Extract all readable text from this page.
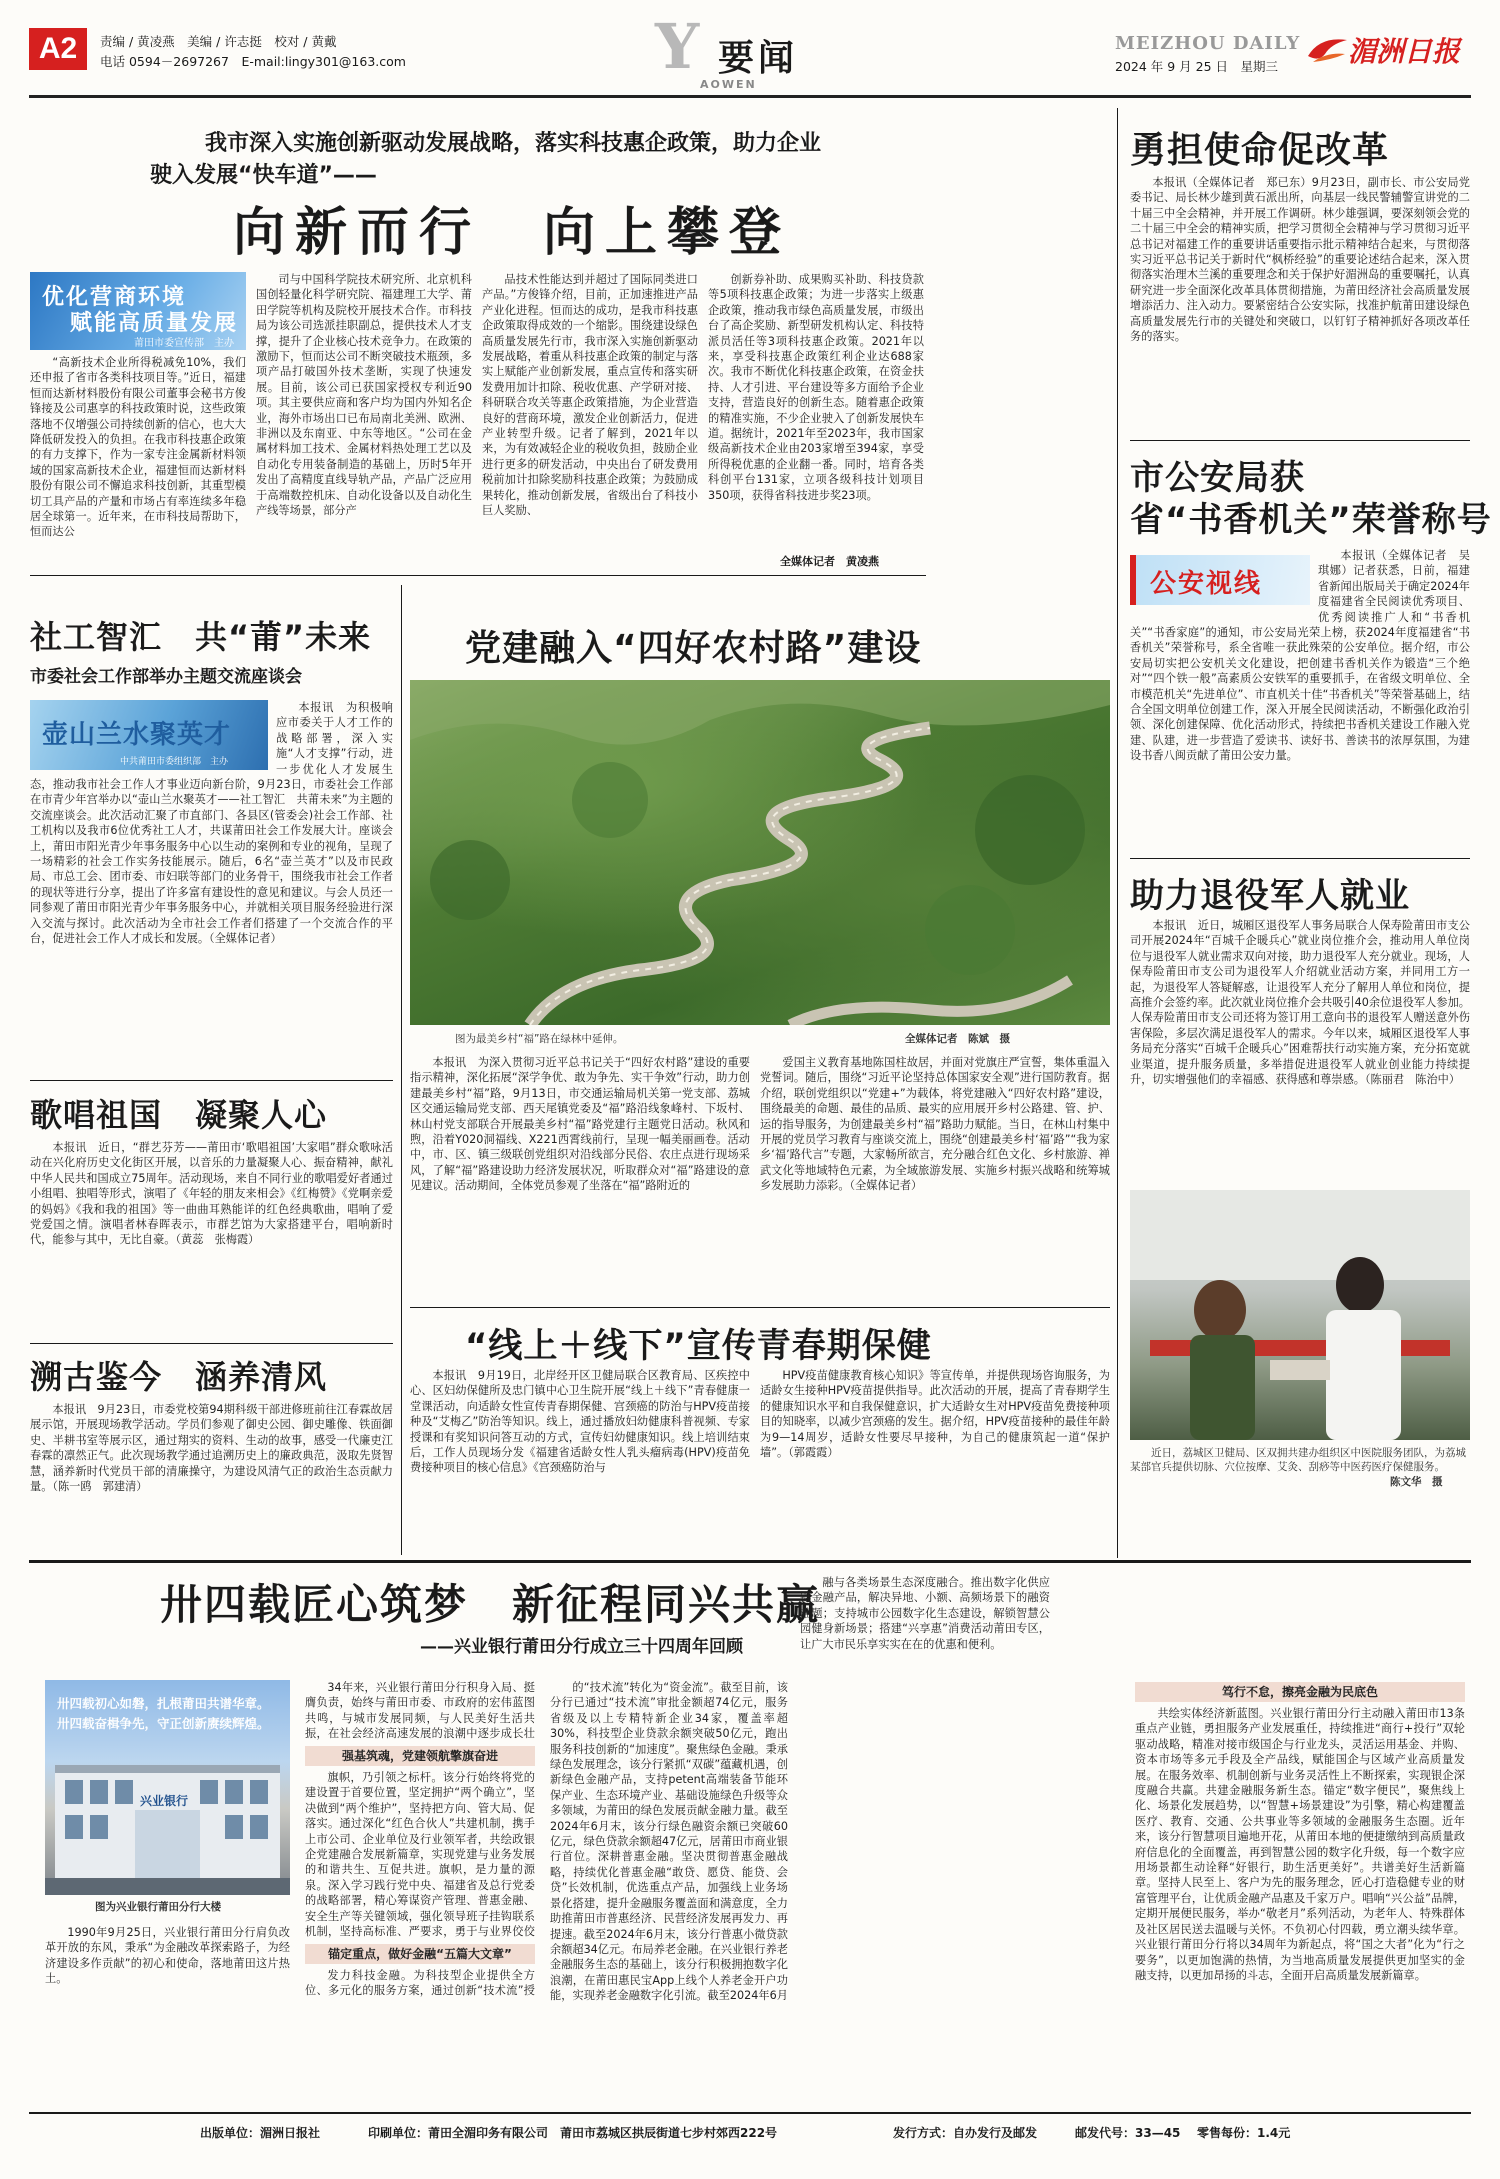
A2	责编 / 黄凌燕　美编 / 许志挺　校对 / 黄戴
电话 0594－2697267　E-mail:lingy301@163.com	Y 要闻
AOWEN
MEIZHOU DAILY
2024 年 9 月 25 日　星期三 湄洲日报
我市深入实施创新驱动发展战略，落实科技惠企政策，助力企业
驶入发展“快车道”——
向新而行　向上攀登
优化营商环境
赋能高质量发展
莆田市委宣传部　主办

“高新技术企业所得税减免10%，我们还申报了省市各类科技项目等。”近日，福建恒而达新材料股份有限公司董事会秘书方俊锋接及公司惠享的科技政策时说，这些政策落地不仅增强公司持续创新的信心，也大大降低研发投入的负担。在我市科技惠企政策的有力支撑下，作为一家专注金属新材料领域的国家高新技术企业，福建恒而达新材料股份有限公司不懈追求科技创新，其重型模切工具产品的产量和市场占有率连续多年稳居全球第一。近年来，在市科技局帮助下，恒而达公

司与中国科学院技术研究所、北京机科国创轻量化科学研究院、福建理工大学、莆田学院等机构及院校开展技术合作。市科技局为该公司选派挂职副总，提供技术人才支撑，提升了企业核心技术竞争力。在政策的激励下，恒而达公司不断突破技术瓶颈，多项产品打破国外技术垄断，实现了快速发展。目前，该公司已获国家授权专利近90项。其主要供应商和客户均为国内外知名企业，海外市场出口已布局南北美洲、欧洲、非洲以及东南亚、中东等地区。“公司在金属材料加工技术、金属材料热处理工艺以及自动化专用装备制造的基础上，历时5年开发出了高精度直线导轨产品，产品广泛应用于高端数控机床、自动化设备以及自动化生产线等场景，部分产

品技术性能达到并超过了国际同类进口产品。”方俊锋介绍，目前，正加速推进产品产业化进程。恒而达的成功，是我市科技惠企政策取得成效的一个缩影。围绕建设绿色高质量发展先行市，我市深入实施创新驱动发展战略，着重从科技惠企政策的制定与落实上赋能产业创新发展，重点宣传和落实研发费用加计扣除、税收优惠、产学研对接、科研联合攻关等惠企政策措施，为企业营造良好的营商环境，激发企业创新活力，促进产业转型升级。记者了解到，2021年以来，为有效减轻企业的税收负担，鼓励企业进行更多的研发活动，中央出台了研发费用税前加计扣除奖励科技惠企政策；为鼓励成果转化，推动创新发展，省级出台了科技小巨人奖励、

创新券补助、成果购买补助、科技贷款等5项科技惠企政策；为进一步落实上级惠企政策，推动我市绿色高质量发展，市级出台了高企奖励、新型研发机构认定、科技特派员活任等3项科技惠企政策。2021年以来，享受科技惠企政策红利企业达688家次。我市不断优化科技惠企政策，在资金扶持、人才引进、平台建设等多方面给予企业支持，营造良好的创新生态。随着惠企政策的精准实施，不少企业驶入了创新发展快车道。据统计，2021年至2023年，我市国家级高新技术企业由203家增至394家，享受所得税优惠的企业翻一番。同时，培育各类科创平台131家，立项各级科技计划项目350项，获得省科技进步奖23项。

全媒体记者　黄凌燕
社工智汇　共“莆”未来
市委社会工作部举办主题交流座谈会
壶山兰水聚英才
中共莆田市委组织部　主办

本报讯　为积极响应市委关于人才工作的战略部署，深入实施“人才支撑”行动，进一步优化人才发展生态，推动我市社会工作人才事业迈向新台阶，9月23日，市委社会工作部在市青少年宫举办以“壶山兰水聚英才——社工智汇　共莆未来”为主题的交流座谈会。此次活动汇聚了市直部门、各县区(管委会)社会工作部、社工机构以及我市6位优秀社工人才，共谋莆田社会工作发展大计。座谈会上，莆田市阳光青少年事务服务中心以生动的案例和专业的视角，呈现了一场精彩的社会工作实务技能展示。随后，6名“壶兰英才”以及市民政局、市总工会、团市委、市妇联等部门的业务骨干，围绕我市社会工作者的现状等进行分享，提出了许多富有建设性的意见和建议。与会人员还一同参观了莆田市阳光青少年事务服务中心，并就相关项目服务经验进行深入交流与探讨。此次活动为全市社会工作者们搭建了一个交流合作的平台，促进社会工作人才成长和发展。（全媒体记者）

歌唱祖国　凝聚人心

本报讯　近日，“群艺芬芳——莆田市‘歌唱祖国’大家唱”群众歌咏活动在兴化府历史文化街区开展，以音乐的力量凝聚人心、振奋精神，献礼中华人民共和国成立75周年。活动现场，来自不同行业的歌唱爱好者通过小组唱、独唱等形式，演唱了《年轻的朋友来相会》《红梅赞》《党啊亲爱的妈妈》《我和我的祖国》等一曲曲耳熟能详的红色经典歌曲，唱响了爱党爱国之情。演唱者林春晖表示，市群艺馆为大家搭建平台，唱响新时代，能参与其中，无比自豪。（黄蕊　张梅霞）

溯古鉴今　涵养清风

本报讯　9月23日，市委党校第94期科级干部进修班前往江春霖故居展示馆，开展现场教学活动。学员们参观了御史公园、御史雕像、铁面御史、半耕书室等展示区，通过翔实的资料、生动的故事，感受一代廉吏江春霖的凛然正气。此次现场教学通过追溯历史上的廉政典范，汲取先贤智慧，涵养新时代党员干部的清廉操守，为建设风清气正的政治生态贡献力量。（陈一鸥　郭建清）

党建融入“四好农村路”建设
图为最美乡村“福”路在绿林中延伸。	全媒体记者　陈斌　摄

本报讯　为深入贯彻习近平总书记关于“四好农村路”建设的重要指示精神，深化拓展“深学争优、敢为争先、实干争效”行动，助力创建最美乡村“福”路，9月13日，市交通运输局机关第一党支部、荔城区交通运输局党支部、西天尾镇党委及“福”路沿线象峰村、下坂村、林山村党支部联合开展最美乡村“福”路党建行主题党日活动。秋风和煦，沿着Y020洞福线、X221西霄线前行，呈现一幅美丽画卷。活动中，市、区、镇三级联创党组织对沿线部分民俗、农庄点进行现场采风，了解“福”路建设助力经济发展状况，听取群众对“福”路建设的意见建议。活动期间，全体党员参观了坐落在“福”路附近的

爱国主义教育基地陈国柱故居，并面对党旗庄严宣誓，集体重温入党誓词。随后，围绕“习近平论坚持总体国家安全观”进行国防教育。据介绍，联创党组织以“党建+”为载体，将党建融入“四好农村路”建设，围绕最美的命题、最佳的品质、最实的应用展开乡村公路建、管、护、运的指导服务，为创建最美乡村“福”路助力赋能。当日，在林山村集中开展的党员学习教育与座谈交流上，围绕“创建最美乡村‘福’路”“我为家乡‘福’路代言”专题，大家畅所欲言，充分融合红色文化、乡村旅游、禅武文化等地域特色元素，为全域旅游发展、实施乡村振兴战略和统筹城乡发展助力添彩。（全媒体记者）

“线上＋线下”宣传青春期保健

本报讯　9月19日，北岸经开区卫健局联合区教育局、区疾控中心、区妇幼保健所及忠门镇中心卫生院开展“线上＋线下”青春健康一堂课活动，向适龄女性宣传青春期保健、宫颈癌的防治与HPV疫苗接种及“艾梅乙”防治等知识。线上，通过播放妇幼健康科普视频、专家授课和有奖知识问答互动的方式，宣传妇幼健康知识。线上培训结束后，工作人员现场分发《福建省适龄女性人乳头瘤病毒(HPV)疫苗免费接种项目的核心信息》《宫颈癌防治与

HPV疫苗健康教育核心知识》等宣传单，并提供现场咨询服务，为适龄女生接种HPV疫苗提供指导。此次活动的开展，提高了青春期学生的健康知识水平和自我保健意识，扩大适龄女生对HPV疫苗免费接种项目的知晓率，以减少宫颈癌的发生。据介绍，HPV疫苗接种的最佳年龄为9—14周岁，适龄女性要尽早接种，为自己的健康筑起一道“保护墙”。（郭霞霞）

勇担使命促改革

本报讯（全媒体记者　郑已东）9月23日，副市长、市公安局党委书记、局长林少雄到黄石派出所，向基层一线民警辅警宣讲党的二十届三中全会精神，并开展工作调研。林少雄强调，要深刻领会党的二十届三中全会的精神实质，把学习贯彻全会精神与学习贯彻习近平总书记对福建工作的重要讲话重要指示批示精神结合起来，与贯彻落实习近平总书记关于新时代“枫桥经验”的重要论述结合起来，深入贯彻落实治理木兰溪的重要理念和关于保护好湄洲岛的重要嘱托，认真研究进一步全面深化改革具体贯彻措施，为莆田经济社会高质量发展增添活力、注入动力。要紧密结合公安实际，找准护航莆田建设绿色高质量发展先行市的关键处和突破口，以钉钉子精神抓好各项改革任务的落实。

市公安局获
省“书香机关”荣誉称号
公安视线

本报讯（全媒体记者　吴琪娜）记者获悉，日前，福建省新闻出版局关于确定2024年度福建省全民阅读优秀项目、优秀阅读推广人和“书香机关”“书香家庭”的通知，市公安局光荣上榜，获2024年度福建省“书香机关”荣誉称号，系全省唯一获此殊荣的公安单位。据介绍，市公安局切实把公安机关文化建设，把创建书香机关作为锻造“三个绝对”“四个铁一般”高素质公安铁军的重要抓手，在省级文明单位、全市模范机关“先进单位”、市直机关十佳“书香机关”等荣誉基础上，结合全国文明单位创建工作，深入开展全民阅读活动，不断强化政治引领、深化创建保障、优化活动形式，持续把书香机关建设工作融入党建、队建，进一步营造了爱读书、读好书、善读书的浓厚氛围，为建设书香八闽贡献了莆田公安力量。

助力退役军人就业

本报讯　近日，城厢区退役军人事务局联合人保寿险莆田市支公司开展2024年“百城千企暖兵心”就业岗位推介会，推动用人单位岗位与退役军人就业需求双向对接，助力退役军人充分就业。现场，人保寿险莆田市支公司为退役军人介绍就业活动方案，并同用工方一起，为退役军人答疑解惑，让退役军人充分了解用人单位和岗位，提高推介会签约率。此次就业岗位推介会共吸引40余位退役军人参加。人保寿险莆田市支公司还将为签订用工意向书的退役军人赠送意外伤害保险，多层次满足退役军人的需求。今年以来，城厢区退役军人事务局充分落实“百城千企暖兵心”困难帮扶行动实施方案，充分拓宽就业渠道，提升服务质量，多举措促进退役军人就业创业能力持续提升，切实增强他们的幸福感、获得感和尊崇感。（陈丽君　陈治中）

近日，荔城区卫健局、区双拥共建办组织区中医院服务团队，为荔城某部官兵提供切脉、穴位按摩、艾灸、刮痧等中医药医疗保健服务。

陈文华　摄
卅四载匠心筑梦　新征程同兴共赢
——兴业银行莆田分行成立三十四周年回顾
卅四载初心如磐，扎根莆田共谱华章。
卅四载奋楫争先，守正创新赓续辉煌。
兴业银行
图为兴业银行莆田分行大楼

1990年9月25日，兴业银行莆田分行肩负改革开放的东风，秉承“为金融改革探索路子，为经济建设多作贡献”的初心和使命，落地莆田这片热土。

34年来，兴业银行莆田分行积身入局、挺膺负责，始终与莆田市委、市政府的宏伟蓝图共鸣，与城市发展同频，与人民美好生活共振，在社会经济高速发展的浪潮中逐步成长壮

强基筑魂，党建领航擎旗奋进

旗帜，乃引领之标杆。该分行始终将党的建设置于首要位置，坚定拥护“两个确立”，坚决做到“两个维护”，坚持把方向、管大局、促落实。通过深化“红色合伙人”共建机制，携手上市公司、企业单位及行业领军者，共绘政银企党建融合发展新篇章，实现党建与业务发展的和谐共生、互促共进。旗帜，是力量的源泉。深入学习践行党中央、福建省及总行党委的战略部署，精心筹谋资产管理、普惠金融、安全生产等关键领域，强化领导班子挂钩联系机制，坚持高标准、严要求，勇于与业界佼佼

锚定重点，做好金融“五篇大文章”

发力科技金融。为科技型企业提供全方位、多元化的服务方案，通过创新“技术流”授

的“技术流”转化为“资金流”。截至目前，该分行已通过“技术流”审批金额超74亿元，服务省级及以上专精特新企业34家，覆盖率超30%，科技型企业贷款余额突破50亿元，跑出服务科技创新的“加速度”。聚焦绿色金融。秉承绿色发展理念，该分行紧抓“双碳”蕴藏机遇，创新绿色金融产品，支持petent高端装备节能环保产业、生态环境产业、基础设施绿色升级等众多领域，为莆田的绿色发展贡献金融力量。截至2024年6月末，该分行绿色融资余额已突破60亿元，绿色贷款余额超47亿元，居莆田市商业银行首位。深耕普惠金融。坚决贯彻普惠金融战略，持续优化普惠金融“敢贷、愿贷、能贷、会贷”长效机制，优选重点产品，加强线上业务场景化搭建，提升金融服务覆盖面和满意度，全力助推莆田市普惠经济、民营经济发展再发力、再提速。截至2024年6月末，该分行普惠小微贷款余额超34亿元。布局养老金融。在兴业银行养老金融服务生态的基础上，该分行积极拥抱数字化浪潮，在莆田惠民宝App上线个人养老金开户功能，实现养老金融数字化引流。截至2024年6月

融与各类场景生态深度融合。推出数字化供应链金融产品，解决异地、小额、高频场景下的融资难题；支持城市公园数字化生态建设，解锁智慧公园健身新场景；搭建“兴享惠”消费活动莆田专区，让广大市民乐享实实在在的优惠和便利。

笃行不怠，擦亮金融为民底色

共绘实体经济新蓝图。兴业银行莆田分行主动融入莆田市13条重点产业链，勇担服务产业发展重任，持续推进“商行+投行”双轮驱动战略，精准对接市级国企与行业龙头，灵活运用基金、并购、资本市场等多元手段及全产品线，赋能国企与区域产业高质量发展。在服务效率、机制创新与业务灵活性上不断探索，实现银企深度融合共赢。共建金融服务新生态。锚定“数字便民”，聚焦线上化、场景化发展趋势，以“智慧+场景建设”为引擎，精心构建覆盖医疗、教育、交通、公共事业等多领域的金融服务生态圈。近年来，该分行智慧项目遍地开花，从莆田本地的便捷缴纳到高质量政府信息化的全面覆盖，再到智慧公园的数字化升级，每一个数字应用场景都生动诠释“好银行，助生活更美好”。共谱美好生活新篇章。坚持人民至上、客户为先的服务理念，匠心打造稳健专业的财富管理平台，让优质金融产品惠及千家万户。唱响“兴公益”品牌，定期开展便民服务，举办“敬老月”系列活动，为老年人、特殊群体及社区居民送去温暖与关怀。不负初心付四载，勇立潮头续华章。兴业银行莆田分行将以34周年为新起点，将“国之大者”化为“行之要务”，以更加饱满的热情，为当地高质量发展提供更加坚实的金融支持，以更加昂扬的斗志，全面开启高质量发展新篇章。

出版单位：湄洲日报社	印刷单位：莆田全湄印务有限公司　莆田市荔城区拱辰街道七步村郊西222号	发行方式：自办发行及邮发	邮发代号：33—45 零售每份：1.4元
